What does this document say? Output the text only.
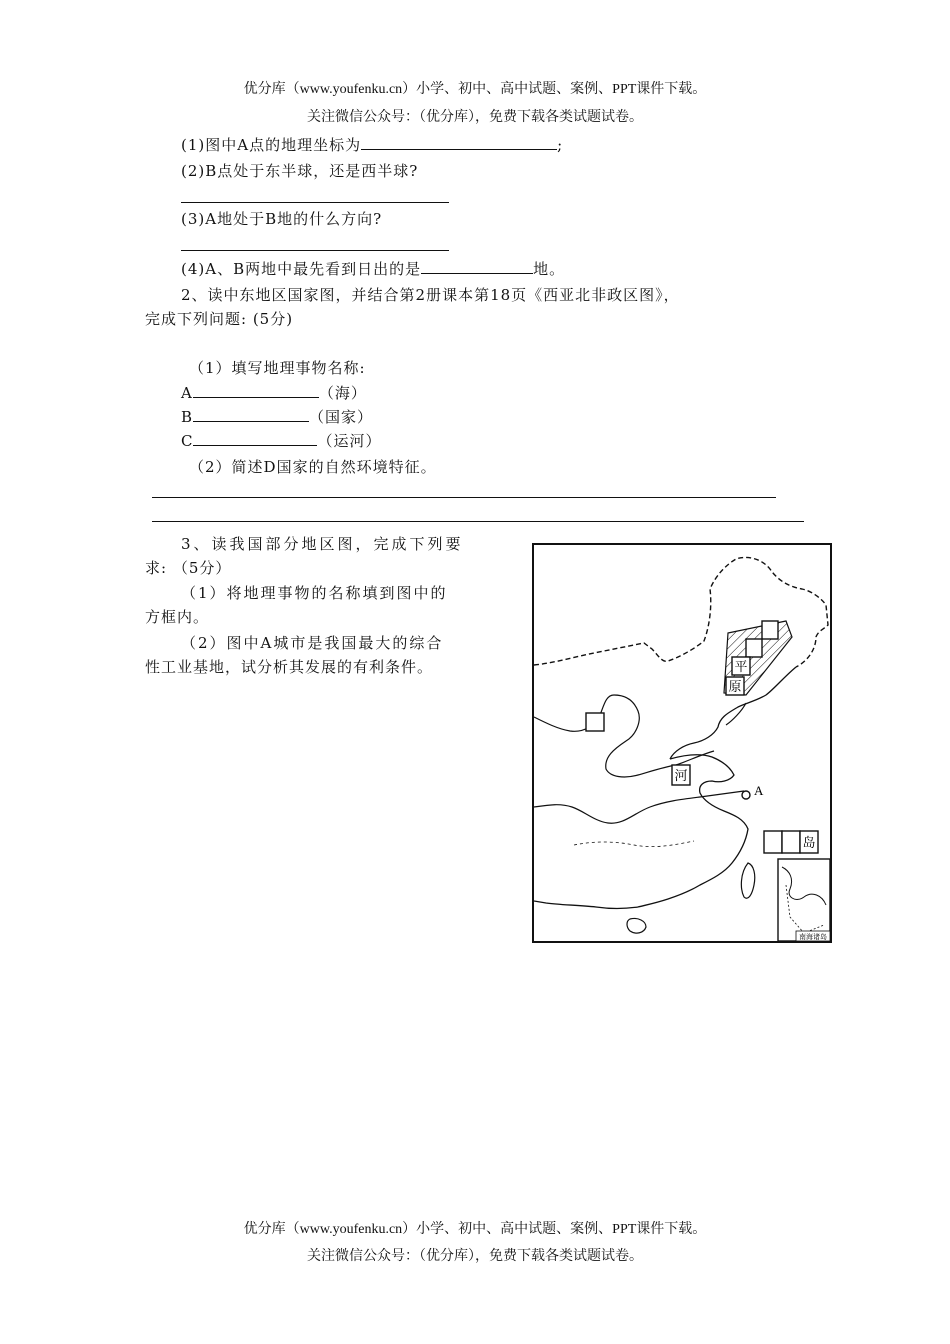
优分库（www.youfenku.cn）小学、初中、高中试题、案例、PPT课件下载。
关注微信公众号：（优分库），免费下载各类试题试卷。
(1)图中A点的地理坐标为	;
(2)B点处于东半球，还是西半球?
(3)A地处于B地的什么方向?
(4)A、B两地中最先看到日出的是	地。
2、读中东地区国家图，并结合第2册课本第18页《西亚北非政区图》，
完成下列问题: (5分)
（1）填写地理事物名称:
A	（海）
B	（国家）
C	（运河）
（2）简述D国家的自然环境特征。
3、读我国部分地区图，完成下列要
求: （5分）
（1）将地理事物的名称填到图中的
方框内。
（2）图中A城市是我国最大的综合
性工业基地，试分析其发展的有利条件。	平
原
河
岛
A
南海诸岛
优分库（www.youfenku.cn）小学、初中、高中试题、案例、PPT课件下载。
关注微信公众号：（优分库），免费下载各类试题试卷。
